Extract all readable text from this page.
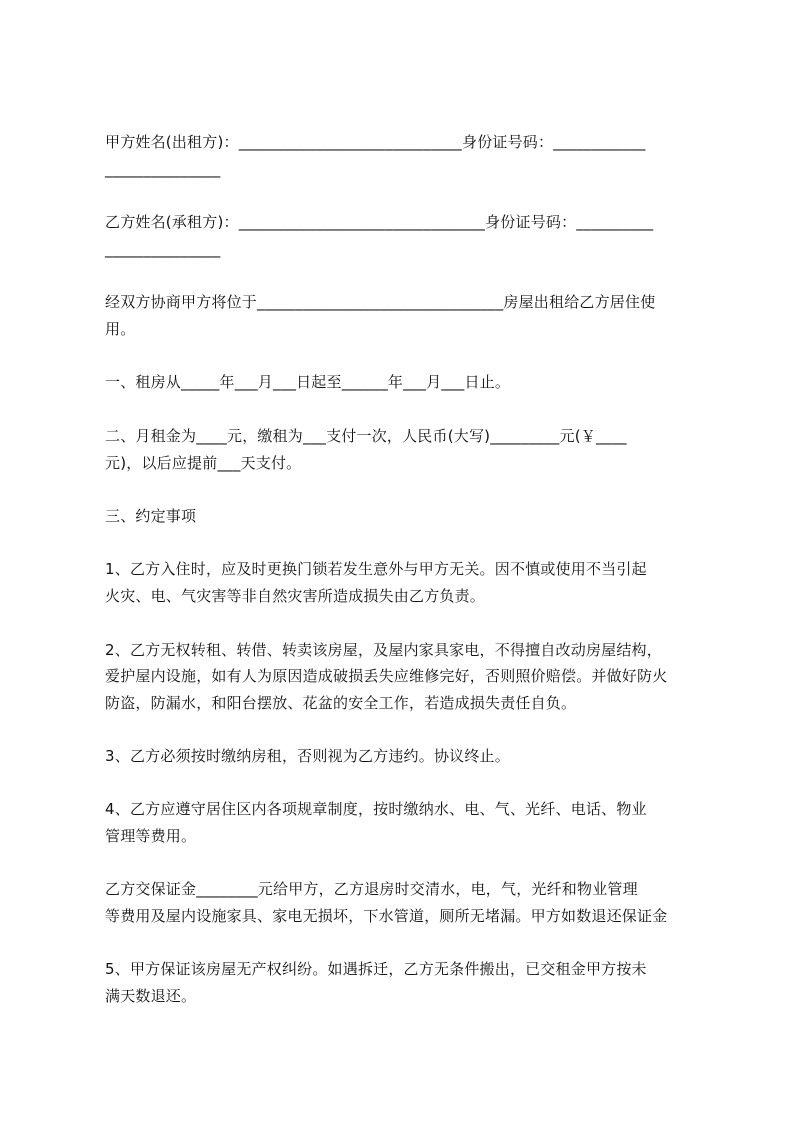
甲方姓名(出租方)：_____________________________身份证号码：____________
_______________
乙方姓名(承租方)：________________________________身份证号码：__________
_______________
经双方协商甲方将位于________________________________房屋出租给乙方居住使
用。
一、租房从_____年___月___日起至______年___月___日止。
二、月租金为____元，缴租为___支付一次，人民币(大写)_________元(￥____
元)，以后应提前___天支付。
三、约定事项
1、乙方入住时，应及时更换门锁若发生意外与甲方无关。因不慎或使用不当引起
火灾、电、气灾害等非自然灾害所造成损失由乙方负责。
2、乙方无权转租、转借、转卖该房屋，及屋内家具家电，不得擅自改动房屋结构，
爱护屋内设施，如有人为原因造成破损丢失应维修完好，否则照价赔偿。并做好防火
防盗，防漏水，和阳台摆放、花盆的安全工作，若造成损失责任自负。
3、乙方必须按时缴纳房租，否则视为乙方违约。协议终止。
4、乙方应遵守居住区内各项规章制度，按时缴纳水、电、气、光纤、电话、物业
管理等费用。
乙方交保证金________元给甲方，乙方退房时交清水，电，气，光纤和物业管理
等费用及屋内设施家具、家电无损坏，下水管道，厕所无堵漏。甲方如数退还保证金
5、甲方保证该房屋无产权纠纷。如遇拆迁，乙方无条件搬出，已交租金甲方按未
满天数退还。
